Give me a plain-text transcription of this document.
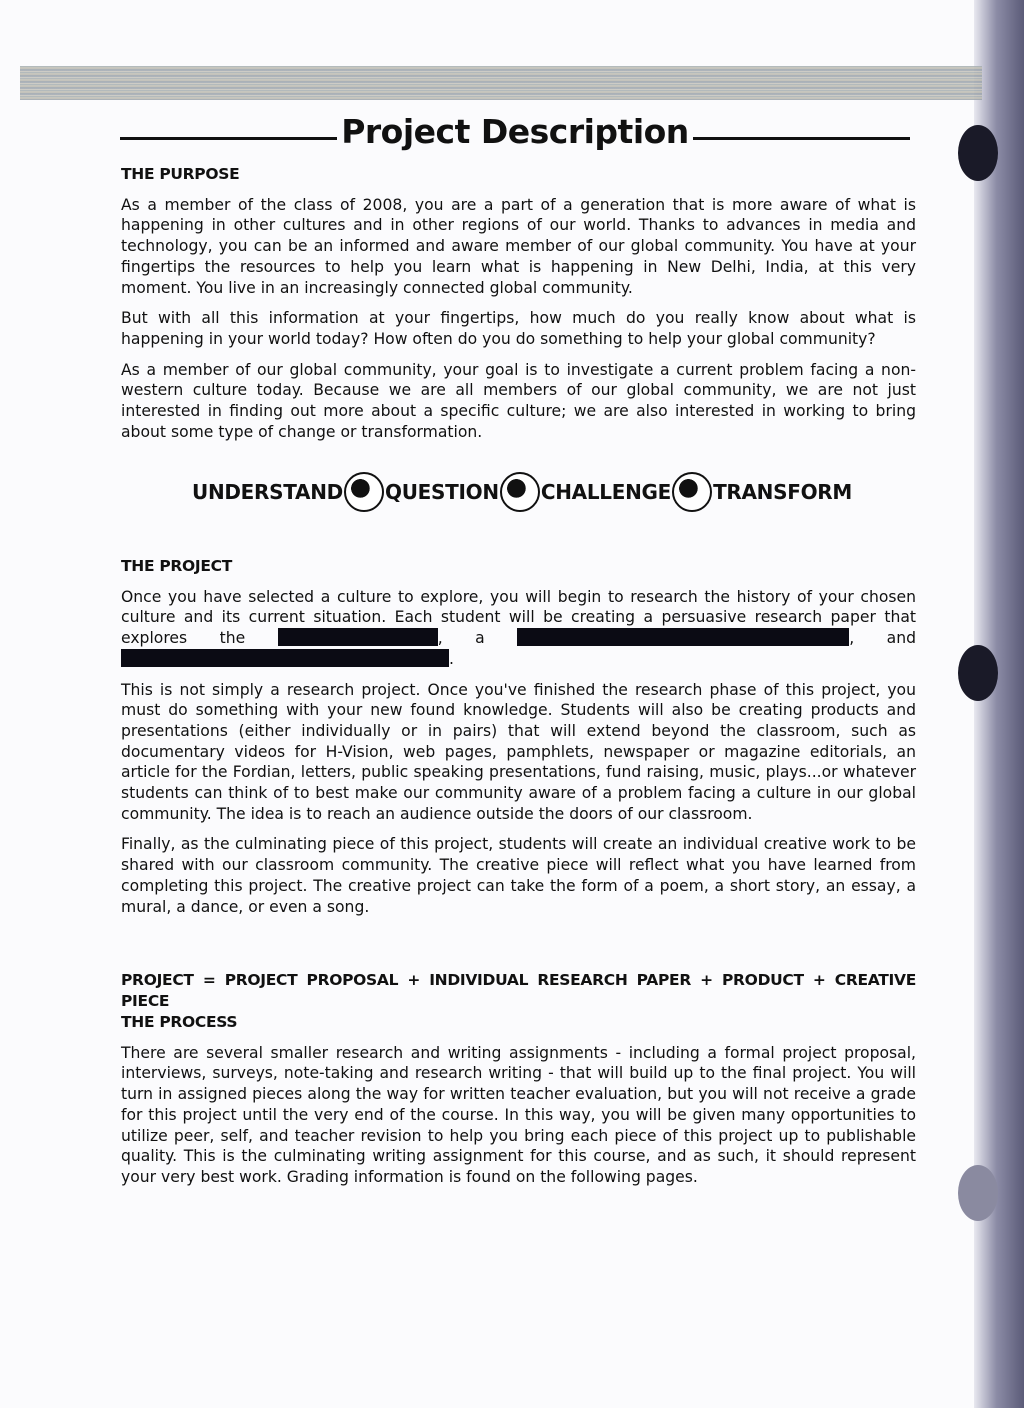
Project Description

THE PURPOSE

As a member of the class of 2008, you are a part of a generation that is more aware of what is happening in other cultures and in other regions of our world. Thanks to advances in media and technology, you can be an informed and aware member of our global community. You have at your fingertips the resources to help you learn what is happening in New Delhi, India, at this very moment. You live in an increasingly connected global community.

But with all this information at your fingertips, how much do you really know about what is happening in your world today? How often do you do something to help your global community?

As a member of our global community, your goal is to investigate a current problem facing a non-western culture today. Because we are all members of our global community, we are not just interested in finding out more about a specific culture; we are also interested in working to bring about some type of change or transformation.

UNDERSTAND QUESTION CHALLENGE TRANSFORM

THE PROJECT

Once you have selected a culture to explore, you will begin to research the history of your chosen culture and its current situation. Each student will be creating a persuasive research paper that explores the	, a	, and .

This is not simply a research project. Once you've finished the research phase of this project, you must do something with your new found knowledge. Students will also be creating products and presentations (either individually or in pairs) that will extend beyond the classroom, such as documentary videos for H-Vision, web pages, pamphlets, newspaper or magazine editorials, an article for the Fordian, letters, public speaking presentations, fund raising, music, plays...or whatever students can think of to best make our community aware of a problem facing a culture in our global community. The idea is to reach an audience outside the doors of our classroom.

Finally, as the culminating piece of this project, students will create an individual creative work to be shared with our classroom community. The creative piece will reflect what you have learned from completing this project. The creative project can take the form of a poem, a short story, an essay, a mural, a dance, or even a song.

PROJECT = PROJECT PROPOSAL + INDIVIDUAL RESEARCH PAPER + PRODUCT + CREATIVE PIECE

THE PROCESS

There are several smaller research and writing assignments - including a formal project proposal, interviews, surveys, note-taking and research writing - that will build up to the final project. You will turn in assigned pieces along the way for written teacher evaluation, but you will not receive a grade for this project until the very end of the course. In this way, you will be given many opportunities to utilize peer, self, and teacher revision to help you bring each piece of this project up to publishable quality. This is the culminating writing assignment for this course, and as such, it should represent your very best work. Grading information is found on the following pages.
